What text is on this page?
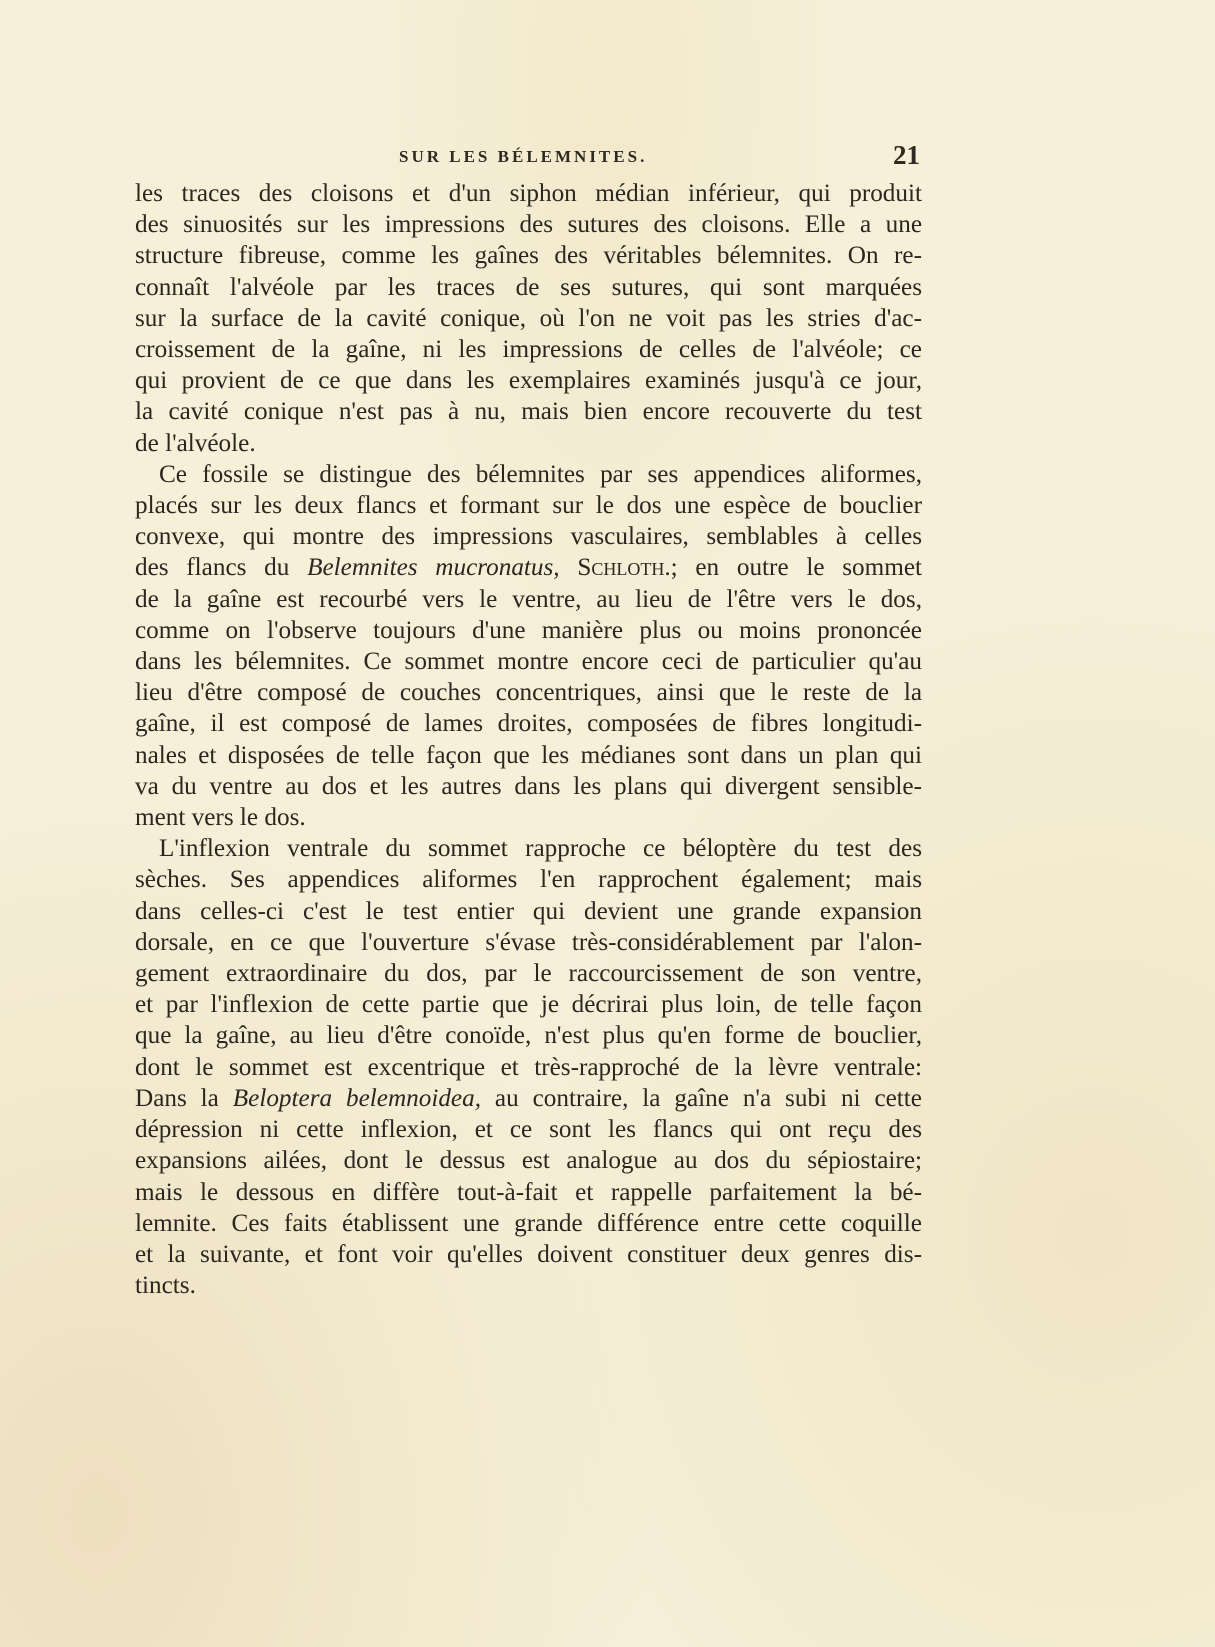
SUR LES BÉLEMNITES.	21

les traces des cloisons et d'un siphon médian inférieur, qui produit
des sinuosités sur les impressions des sutures des cloisons. Elle a une
structure fibreuse, comme les gaînes des véritables bélemnites. On re-
connaît l'alvéole par les traces de ses sutures, qui sont marquées
sur la surface de la cavité conique, où l'on ne voit pas les stries d'ac-
croissement de la gaîne, ni les impressions de celles de l'alvéole; ce
qui provient de ce que dans les exemplaires examinés jusqu'à ce jour,
la cavité conique n'est pas à nu, mais bien encore recouverte du test
de l'alvéole.

Ce fossile se distingue des bélemnites par ses appendices aliformes,
placés sur les deux flancs et formant sur le dos une espèce de bouclier
convexe, qui montre des impressions vasculaires, semblables à celles
des flancs du Belemnites mucronatus, Schloth.; en outre le sommet
de la gaîne est recourbé vers le ventre, au lieu de l'être vers le dos,
comme on l'observe toujours d'une manière plus ou moins prononcée
dans les bélemnites. Ce sommet montre encore ceci de particulier qu'au
lieu d'être composé de couches concentriques, ainsi que le reste de la
gaîne, il est composé de lames droites, composées de fibres longitudi-
nales et disposées de telle façon que les médianes sont dans un plan qui
va du ventre au dos et les autres dans les plans qui divergent sensible-
ment vers le dos.

L'inflexion ventrale du sommet rapproche ce béloptère du test des
sèches. Ses appendices aliformes l'en rapprochent également; mais
dans celles-ci c'est le test entier qui devient une grande expansion
dorsale, en ce que l'ouverture s'évase très-considérablement par l'alon-
gement extraordinaire du dos, par le raccourcissement de son ventre,
et par l'inflexion de cette partie que je décrirai plus loin, de telle façon
que la gaîne, au lieu d'être conoïde, n'est plus qu'en forme de bouclier,
dont le sommet est excentrique et très-rapproché de la lèvre ventrale:
Dans la Beloptera belemnoidea, au contraire, la gaîne n'a subi ni cette
dépression ni cette inflexion, et ce sont les flancs qui ont reçu des
expansions ailées, dont le dessus est analogue au dos du sépiostaire;
mais le dessous en diffère tout-à-fait et rappelle parfaitement la bé-
lemnite. Ces faits établissent une grande différence entre cette coquille
et la suivante, et font voir qu'elles doivent constituer deux genres dis-
tincts.
